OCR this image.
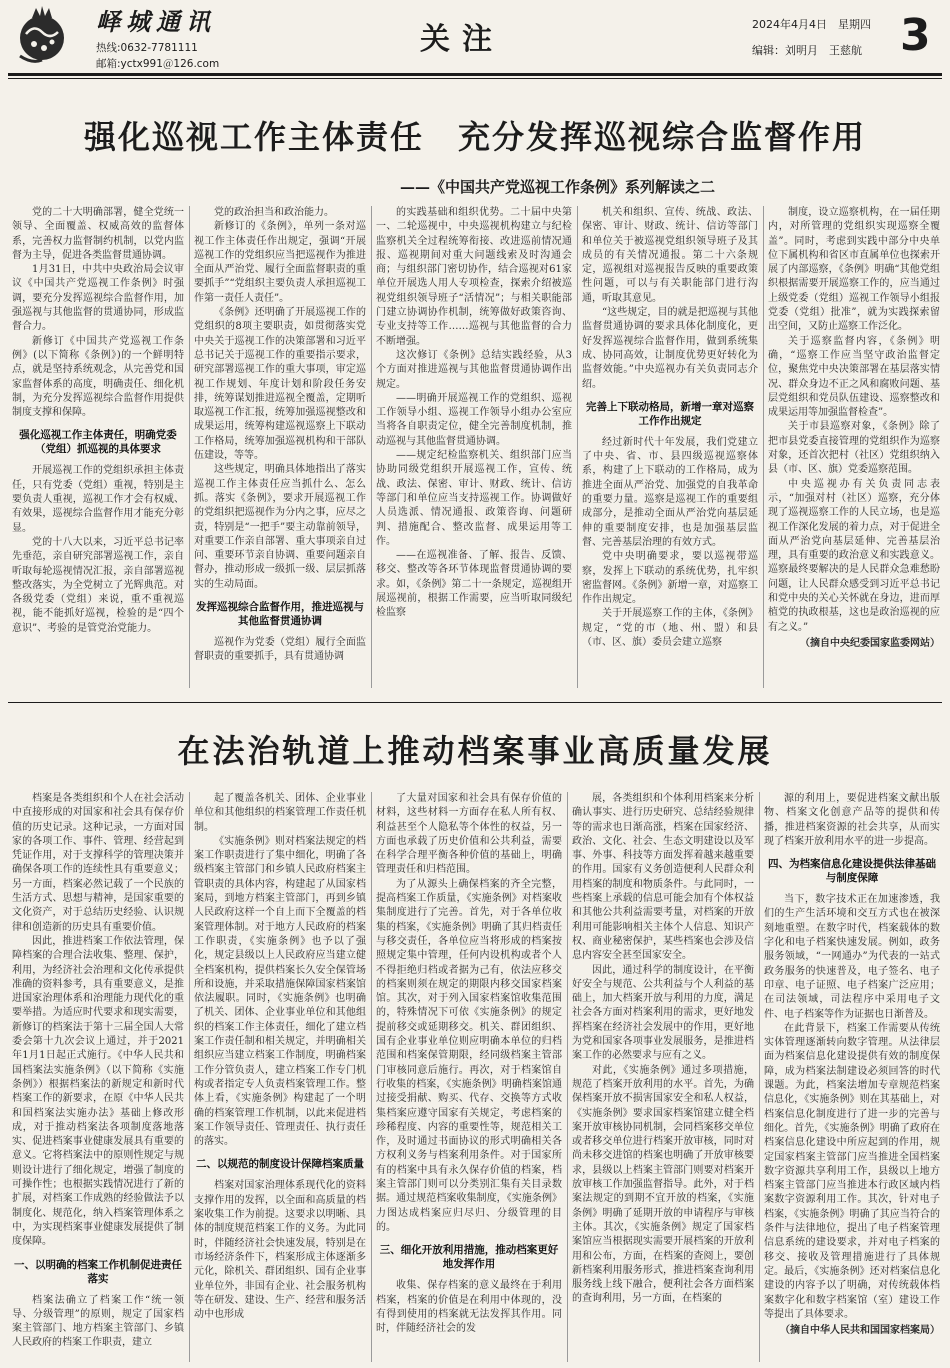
峄城通讯
热线:0632-7781111
邮箱:yctx991＠126.com
关注	2024年4月4日　星期四
编辑：刘明月　王慈航 3
强化巡视工作主体责任　充分发挥巡视综合监督作用
——《中国共产党巡视工作条例》系列解读之二

党的二十大明确部署，健全党统一领导、全面覆盖、权威高效的监督体系，完善权力监督制约机制，以党内监督为主导，促进各类监督贯通协调。

1月31日，中共中央政治局会议审议《中国共产党巡视工作条例》时强调，要充分发挥巡视综合监督作用，加强巡视与其他监督的贯通协同，形成监督合力。

新修订《中国共产党巡视工作条例》(以下简称《条例》)的一个鲜明特点，就是坚持系统观念，从完善党和国家监督体系的高度，明确责任、细化机制，为充分发挥巡视综合监督作用提供制度支撑和保障。

强化巡视工作主体责任，明确党委（党组）抓巡视的具体要求

开展巡视工作的党组织承担主体责任，只有党委（党组）重视，特别是主要负责人重视，巡视工作才会有权威、有效果，巡视综合监督作用才能充分彰显。

党的十八大以来，习近平总书记率先垂范，亲自研究部署巡视工作，亲自听取每轮巡视情况汇报，亲自部署巡视整改落实，为全党树立了光辉典范。对各级党委（党组）来说，重不重视巡视，能不能抓好巡视，检验的是“四个意识”、考验的是管党治党能力。

党的政治担当和政治能力。

新修订的《条例》，单列一条对巡视工作主体责任作出规定，强调“开展巡视工作的党组织应当把巡视作为推进全面从严治党、履行全面监督职责的重要抓手”“党组织主要负责人承担巡视工作第一责任人责任”。

《条例》还明确了开展巡视工作的党组织的8项主要职责，如贯彻落实党中央关于巡视工作的决策部署和习近平总书记关于巡视工作的重要指示要求，研究部署巡视工作的重大事项，审定巡视工作规划、年度计划和阶段任务安排，统筹谋划推进巡视全覆盖，定期听取巡视工作汇报，统筹加强巡视整改和成果运用，统筹构建巡视巡察上下联动工作格局，统筹加强巡视机构和干部队伍建设，等等。

这些规定，明确具体地指出了落实巡视工作主体责任应当抓什么、怎么抓。落实《条例》，要求开展巡视工作的党组织把巡视作为分内之事，应尽之责，特别是“一把手”要主动靠前领导，对重要工作亲自部署、重大事项亲自过问、重要环节亲自协调、重要问题亲自督办，推动形成一级抓一级、层层抓落实的生动局面。

发挥巡视综合监督作用，推进巡视与其他监督贯通协调

巡视作为党委（党组）履行全面监督职责的重要抓手，具有贯通协调

的实践基础和组织优势。二十届中央第一、二轮巡视中，中央巡视机构建立与纪检监察机关全过程统筹衔接、改进巡前情况通报、巡视期间对重大问题线索及时沟通会商；与组织部门密切协作，结合巡视对61家单位开展选人用人专项检查，探索介绍被巡视党组织领导班子“活情况”；与相关职能部门建立协调协作机制，统筹做好政策咨询、专业支持等工作……巡视与其他监督的合力不断增强。

这次修订《条例》总结实践经验，从3个方面对推进巡视与其他监督贯通协调作出规定。

——明确开展巡视工作的党组织、巡视工作领导小组、巡视工作领导小组办公室应当将各自职责定位，健全完善制度机制，推动巡视与其他监督贯通协调。

——规定纪检监察机关、组织部门应当协助同级党组织开展巡视工作，宣传、统战、政法、保密、审计、财政、统计、信访等部门和单位应当支持巡视工作。协调做好人员选派、情况通报、政策咨询、问题研判、措施配合、整改监督、成果运用等工作。

——在巡视准备、了解、报告、反馈、移交、整改等各环节体现监督贯通协调的要求。如，《条例》第二十一条规定，巡视组开展巡视前，根据工作需要，应当听取同级纪检监察

机关和组织、宣传、统战、政法、保密、审计、财政、统计、信访等部门和单位关于被巡视党组织领导班子及其成员的有关情况通报。第二十六条规定，巡视组对巡视报告反映的重要政策性问题，可以与有关职能部门进行沟通，听取其意见。

“这些规定，目的就是把巡视与其他监督贯通协调的要求具体化制度化，更好发挥巡视综合监督作用，做到系统集成、协同高效，让制度优势更好转化为监督效能。”中央巡视办有关负责同志介绍。

完善上下联动格局，新增一章对巡察工作作出规定

经过新时代十年发展，我们党建立了中央、省、市、县四级巡视巡察体系，构建了上下联动的工作格局，成为推进全面从严治党、加强党的自我革命的重要力量。巡察是巡视工作的重要组成部分，是推动全面从严治党向基层延伸的重要制度安排，也是加强基层监督、完善基层治理的有效方式。

党中央明确要求，要以巡视带巡察，发挥上下联动的系统优势，扎牢织密监督网。《条例》新增一章，对巡察工作作出规定。

关于开展巡察工作的主体，《条例》规定，“党的市（地、州、盟）和县（市、区、旗）委员会建立巡察

制度，设立巡察机构，在一届任期内，对所管理的党组织实现巡察全覆盖”。同时，考虑到实践中部分中央单位下属机构和省区市直属单位也探索开展了内部巡察，《条例》明确“其他党组织根据需要开展巡察工作的，应当通过上级党委（党组）巡视工作领导小组报党委（党组）批准”，就为实践探索留出空间，又防止巡察工作泛化。

关于巡察监督内容，《条例》明确，“巡察工作应当坚守政治监督定位，聚焦党中央决策部署在基层落实情况、群众身边不正之风和腐败问题、基层党组织和党员队伍建设、巡察整改和成果运用等加强监督检查”。

关于市县巡察对象，《条例》除了把市县党委直接管理的党组织作为巡察对象，还首次把村（社区）党组织纳入县（市、区、旗）党委巡察范围。

中央巡视办有关负责同志表示，“加强对村（社区）巡察，充分体现了巡视巡察工作的人民立场，也是巡视工作深化发展的着力点，对于促进全面从严治党向基层延伸、完善基层治理，具有重要的政治意义和实践意义。巡察最终要解决的是人民群众急难愁盼问题，让人民群众感受到习近平总书记和党中央的关心关怀就在身边，进而厚植党的执政根基，这也是政治巡视的应有之义。”

（摘自中央纪委国家监委网站）

在法治轨道上推动档案事业高质量发展

档案是各类组织和个人在社会活动中直接形成的对国家和社会具有保存价值的历史记录。这种记录，一方面对国家的各项工作、事件、管理、经营起到凭证作用，对于支撑科学的管理决策并确保各项工作的连续性具有重要意义；另一方面，档案必然记载了一个民族的生活方式、思想与精神，是国家重要的文化资产，对于总结历史经验、认识规律和创造新的历史具有重要价值。

因此，推进档案工作依法管理，保障档案的合理合法收集、整理、保护，利用，为经济社会治理和文化传承提供准确的资料参考，具有重要意义，是推进国家治理体系和治理能力现代化的重要举措。为适应时代要求和现实需要，新修订的档案法于第十三届全国人大常委会第十九次会议上通过，并于2021年1月1日起正式施行。《中华人民共和国档案法实施条例》（以下简称《实施条例》）根据档案法的新规定和新时代档案工作的新要求，在原《中华人民共和国档案法实施办法》基础上修改形成，对于推动档案法各项制度落地落实、促进档案事业健康发展具有重要的意义。它将档案法中的原则性规定与规则设计进行了细化规定，增强了制度的可操作性；也根据实践情况进行了新的扩展，对档案工作成熟的经验做法予以制度化、规范化，纳入档案管理体系之中，为实现档案事业健康发展提供了制度保障。

一、以明确的档案工作机制促进责任落实

档案法确立了档案工作“统一领导、分级管理”的原则，规定了国家档案主管部门、地方档案主管部门、乡镇人民政府的档案工作职责，建立

起了覆盖各机关、团体、企业事业单位和其他组织的档案管理工作责任机制。

《实施条例》则对档案法规定的档案工作职责进行了集中细化，明确了各级档案主管部门和乡镇人民政府档案主管职责的具体内容，构建起了从国家档案局，到地方档案主管部门，再到乡镇人民政府这样一个自上而下全覆盖的档案管理体制。对于地方人民政府的档案工作职责，《实施条例》也予以了强化，规定县级以上人民政府应当建立健全档案机构，提供档案长久安全保管场所和设施，并采取措施保障国家档案馆依法履职。同时，《实施条例》也明确了机关、团体、企业事业单位和其他组织的档案工作主体责任，细化了建立档案工作责任制和相关规定，并明确相关组织应当建立档案工作制度，明确档案工作分管负责人，建立档案工作专门机构或者指定专人负责档案管理工作。整体上看，《实施条例》构建起了一个明确的档案管理工作机制，以此来促进档案工作领导责任、管理责任、执行责任的落实。

二、以规范的制度设计保障档案质量

档案对国家治理体系现代化的资料支撑作用的发挥，以全面和高质量的档案收集工作为前提。这要求以明晰、具体的制度规范档案工作的义务。为此同时，伴随经济社会快速发展，特别是在市场经济条件下，档案形成主体逐渐多元化，除机关、群团组织、国有企业事业单位外，非国有企业、社会服务机构等在研发、建设、生产、经营和服务活动中也形成

了大量对国家和社会具有保存价值的材料，这些材料一方面存在私人所有权、利益甚至个人隐私等个体性的权益，另一方面也承载了历史价值和公共利益，需要在科学合理平衡各种价值的基础上，明确管理责任和归档范围。

为了从源头上确保档案的齐全完整，提高档案工作质量，《实施条例》对档案收集制度进行了完善。首先，对于各单位收集的档案，《实施条例》明确了其归档责任与移交责任，各单位应当将形成的档案按照规定集中管理，任何内设机构或者个人不得拒绝归档或者据为己有，依法应移交的档案则须在规定的期限内移交国家档案馆。其次，对于列入国家档案馆收集范围的，特殊情况下可依《实施条例》的规定提前移交或延期移交。机关、群团组织、国有企业事业单位则应明确本单位的归档范围和档案保管期限，经同级档案主管部门审核同意后施行。再次，对于档案馆自行收集的档案，《实施条例》明确档案馆通过接受捐献、购买、代存、交换等方式收集档案应遵守国家有关规定，考虑档案的珍稀程度、内容的重要性等，规范相关工作，及时通过书面协议的形式明确相关各方权利义务与档案利用条件。对于国家所有的档案中具有永久保存价值的档案，档案主管部门则可以分类别汇集有关目录数据。通过规范档案收集制度，《实施条例》力图达成档案应归尽归、分级管理的目的。

三、细化开放利用措施，推动档案更好地发挥作用

收集、保存档案的意义最终在于利用档案，档案的价值是在利用中体现的，没有得到使用的档案就无法发挥其作用。同时，伴随经济社会的发

展，各类组织和个体利用档案来分析确认事实、进行历史研究、总结经验规律等的需求也日渐高涨，档案在国家经济、政治、文化、社会、生态文明建设以及军事、外事、科技等方面发挥着越来越重要的作用。国家有义务创造便利人民群众利用档案的制度和物质条件。与此同时，一些档案上承载的信息可能会加有个体权益和其他公共利益需要考量，对档案的开放利用可能影响相关主体个人信息、知识产权、商业秘密保护，某些档案也会涉及信息内容安全甚至国家安全。

因此，通过科学的制度设计，在平衡好安全与规范、公共利益与个人利益的基础上，加大档案开放与利用的力度，满足社会各方面对档案利用的需求，更好地发挥档案在经济社会发展中的作用，更好地为党和国家各项事业发展服务，是推进档案工作的必然要求与应有之义。

对此，《实施条例》通过多项措施，规范了档案开放利用的水平。首先，为确保档案开放不损害国家安全和私人权益，《实施条例》要求国家档案馆建立健全档案开放审核协同机制，会同档案移交单位或者移交单位进行档案开放审核，同时对尚未移交进馆的档案也明确了开放审核要求，县级以上档案主管部门则要对档案开放审核工作加强监督指导。此外，对于档案法规定的到期不宜开放的档案，《实施条例》明确了延期开放的申请程序与审核主体。其次，《实施条例》规定了国家档案馆应当根据现实需要开展档案的开放利用和公布，方面，在档案的查阅上，要创新档案利用服务形式，推进档案查询利用服务线上线下融合，便利社会各方面档案的查询利用，另一方面，在档案的

源的利用上，要促进档案文献出版物、档案文化创意产品等的提供和传播，推进档案资源的社会共享，从而实现了档案开放利用水平的进一步提高。

四、为档案信息化建设提供法律基础与制度保障

当下，数字技术正在加速渗透，我们的生产生活环境和交互方式也在被深刻地重塑。在数字时代，档案载体的数字化和电子档案快速发展。例如，政务服务领域，“一网通办”为代表的一站式政务服务的快速普及，电子签名、电子印章、电子证照、电子档案广泛应用；在司法领域，司法程序中采用电子文件、电子档案等作为证据也日渐普及。

在此背景下，档案工作需要从传统实体管理逐渐转向数字管理。从法律层面为档案信息化建设提供有效的制度保障，成为档案法制建设必须回答的时代课题。为此，档案法增加专章规范档案信息化，《实施条例》则在其基础上，对档案信息化制度进行了进一步的完善与细化。首先，《实施条例》明确了政府在档案信息化建设中所应起到的作用，规定国家档案主管部门应当推进全国档案数字资源共享利用工作，县级以上地方档案主管部门应当推进本行政区域内档案数字资源利用工作。其次，针对电子档案，《实施条例》明确了其应当符合的条件与法律地位，提出了电子档案管理信息系统的建设要求，并对电子档案的移交、接收及管理措施进行了具体规定。最后，《实施条例》还对档案信息化建设的内容予以了明确，对传统载体档案数字化和数字档案馆（室）建设工作等提出了具体要求。

（摘自中华人民共和国国家档案局）
